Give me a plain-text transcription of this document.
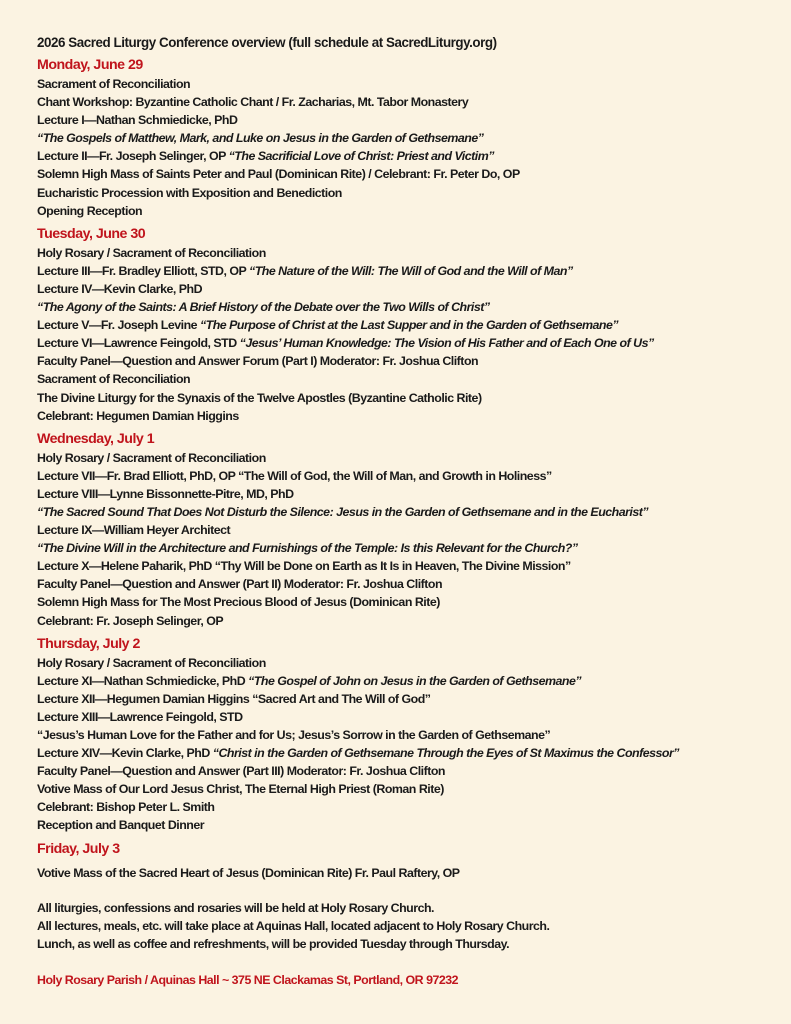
2026 Sacred Liturgy Conference overview (full schedule at SacredLiturgy.org)
Monday, June 29
Sacrament of Reconciliation
Chant Workshop: Byzantine Catholic Chant / Fr. Zacharias, Mt. Tabor Monastery
Lecture I—Nathan Schmiedicke, PhD
“The Gospels of Matthew, Mark, and Luke on Jesus in the Garden of Gethsemane”
Lecture II—Fr. Joseph Selinger, OP “The Sacrificial Love of Christ: Priest and Victim”
Solemn High Mass of Saints Peter and Paul (Dominican Rite) / Celebrant: Fr. Peter Do, OP
Eucharistic Procession with Exposition and Benediction
Opening Reception
Tuesday, June 30
Holy Rosary / Sacrament of Reconciliation
Lecture III—Fr. Bradley Elliott, STD, OP “The Nature of the Will: The Will of God and the Will of Man”
Lecture IV—Kevin Clarke, PhD
“The Agony of the Saints: A Brief History of the Debate over the Two Wills of Christ”
Lecture V—Fr. Joseph Levine “The Purpose of Christ at the Last Supper and in the Garden of Gethsemane”
Lecture VI—Lawrence Feingold, STD “Jesus’ Human Knowledge: The Vision of His Father and of Each One of Us”
Faculty Panel—Question and Answer Forum (Part I) Moderator: Fr. Joshua Clifton
Sacrament of Reconciliation
The Divine Liturgy for the Synaxis of the Twelve Apostles (Byzantine Catholic Rite)
Celebrant: Hegumen Damian Higgins
Wednesday, July 1
Holy Rosary / Sacrament of Reconciliation
Lecture VII—Fr. Brad Elliott, PhD, OP “The Will of God, the Will of Man, and Growth in Holiness”
Lecture VIII—Lynne Bissonnette-Pitre, MD, PhD
“The Sacred Sound That Does Not Disturb the Silence: Jesus in the Garden of Gethsemane and in the Eucharist”
Lecture IX—William Heyer Architect
“The Divine Will in the Architecture and Furnishings of the Temple: Is this Relevant for the Church?”
Lecture X—Helene Paharik, PhD “Thy Will be Done on Earth as It Is in Heaven, The Divine Mission”
Faculty Panel—Question and Answer (Part II) Moderator: Fr. Joshua Clifton
Solemn High Mass for The Most Precious Blood of Jesus (Dominican Rite)
Celebrant: Fr. Joseph Selinger, OP
Thursday, July 2
Holy Rosary / Sacrament of Reconciliation
Lecture XI—Nathan Schmiedicke, PhD “The Gospel of John on Jesus in the Garden of Gethsemane”
Lecture XII—Hegumen Damian Higgins “Sacred Art and The Will of God”
Lecture XIII—Lawrence Feingold, STD
“Jesus’s Human Love for the Father and for Us; Jesus’s Sorrow in the Garden of Gethsemane”
Lecture XIV—Kevin Clarke, PhD “Christ in the Garden of Gethsemane Through the Eyes of St Maximus the Confessor”
Faculty Panel—Question and Answer (Part III) Moderator: Fr. Joshua Clifton
Votive Mass of Our Lord Jesus Christ, The Eternal High Priest (Roman Rite)
Celebrant: Bishop Peter L. Smith
Reception and Banquet Dinner
Friday, July 3
Votive Mass of the Sacred Heart of Jesus (Dominican Rite) Fr. Paul Raftery, OP
All liturgies, confessions and rosaries will be held at Holy Rosary Church.
All lectures, meals, etc. will take place at Aquinas Hall, located adjacent to Holy Rosary Church.
Lunch, as well as coffee and refreshments, will be provided Tuesday through Thursday.
Holy Rosary Parish / Aquinas Hall ~ 375 NE Clackamas St, Portland, OR 97232
